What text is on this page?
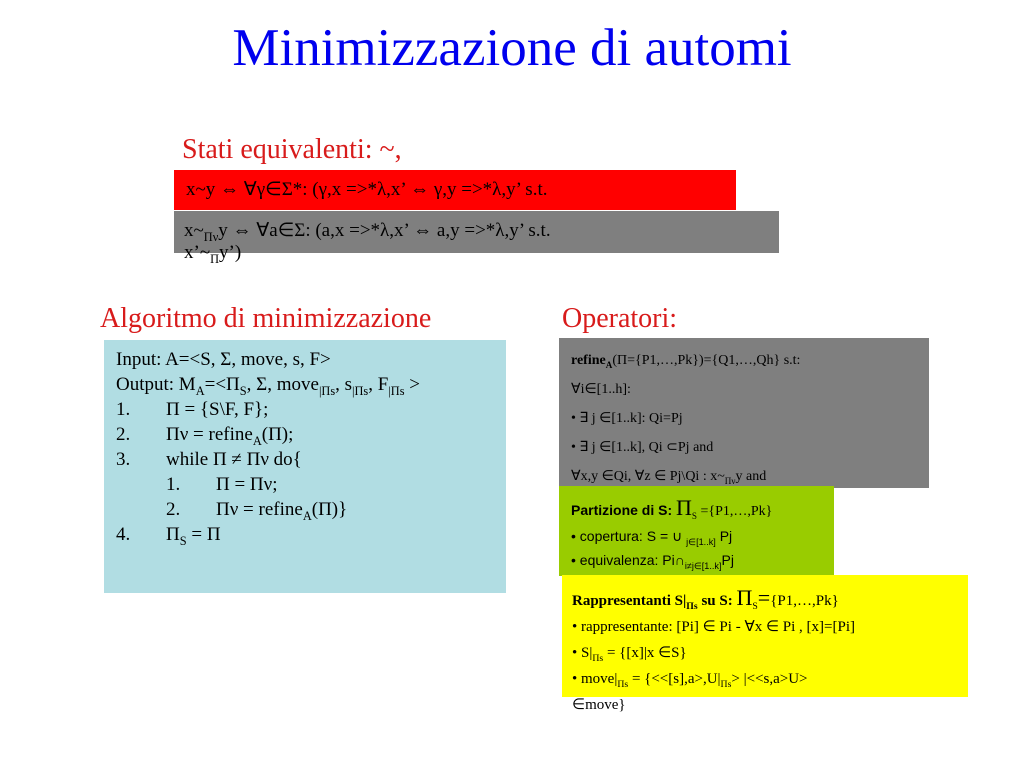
Minimizzazione di automi
Stati equivalenti: ~,
x~y ⇔ ∀γ∈Σ*: (γ,x =>*λ,x’ ⇔ γ,y =>*λ,y’ s.t.
$x\sim_{\Pi\nu}y$ ⇔ ∀a∈Σ: (a,x =>*λ,x’ ⇔ a,y =>*λ,y’ s.t.
$x’\sim_\Pi y$’)
Algoritmo di minimizzazione
Input: A=<S, Σ, move, s, F>
Output: $M_A=<\Pi_S$, Σ, move$_{|\Pi s}$, $s_{|\Pi s}$, $F_{|\Pi s}$ >
1. Π = {S\F, F};
2. Πν = refine$_A$(Π);
3. while Π ≠ Πν do{
1. Π = Πν;
2. Πν = refine$_A$(Π)}
4. $\Pi_S = \Pi$
Operatori:
refine$_A$(Π={P1,…,Pk})={Q1,…,Qh} s.t:
∀i∈[1..h]:
• ∃ j ∈[1..k]: Qi=Pj
• ∃ j ∈[1..k], Qi ⊂Pj and
∀x,y ∈Qi, ∀z ∈ Pj\Qi : $x\sim_{\Pi\nu}y$ and
Partizione di S: $\Pi_S$ ={P1,…,Pk}
• copertura: S = ∪ $_{j\in[1..k]}$ Pj
• equivalenza: $Pi\cap_{i\ne j\in[1..k]}Pj$
Rappresentanti $S|_{\Pi s}$ su S: $\Pi_S=\{P1,\dots,Pk\}$
• rappresentante: [Pi] ∈ Pi - ∀x ∈ Pi , [x]=[Pi]
• $S|_{\Pi s} = \{[x]|x$ ∈S}
• $move|_{\Pi s} = \{<<[s],a>,U|_{\Pi s}> |<<s,a>U>$
∈move}
